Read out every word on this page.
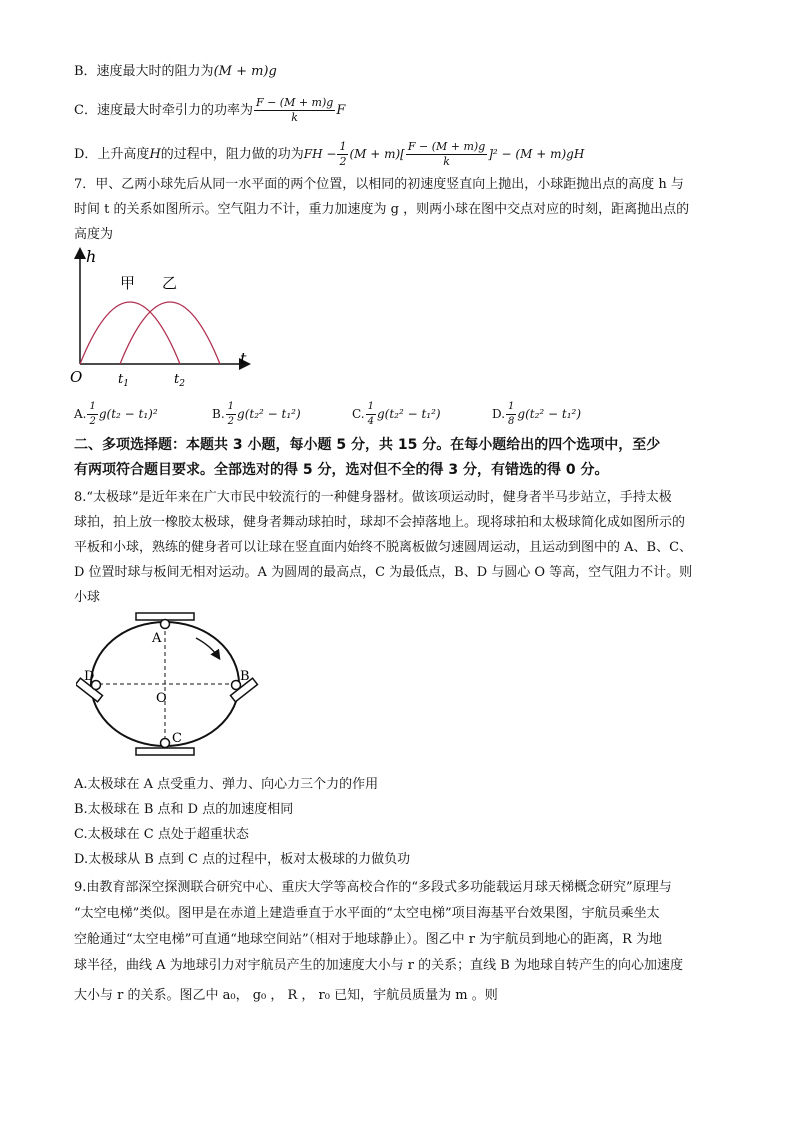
B．速度最大时的阻力为(M + m)g
C．速度最大时牵引力的功率为 $\frac{F - (M + m)g}{k}$ F
D．上升高度H的过程中，阻力做的功为FH − $\frac{1}{2} (M + m)[ \frac{F - (M + m)g}{k} ]^2 - (M + m)gH$
7．甲、乙两小球先后从同一水平面的两个位置，以相同的初速度竖直向上抛出，小球距抛出点的高度 h 与
时间 t 的关系如图所示。空气阻力不计，重力加速度为 g ，则两小球在图中交点对应的时刻，距离抛出点的
高度为
h
t
O
甲 乙
$t_1$	$t_2$
A. $\frac{1}{2} g(t_2 - t_1)^2$	B. $\frac{1}{2} g(t_2^2 - t_1^2)$	C. $\frac{1}{4} g(t_2^2 - t_1^2)$	D. $\frac{1}{8} g(t_2^2 - t_1^2)$
二、多项选择题：本题共 3 小题，每小题 5 分，共 15 分。在每小题给出的四个选项中，至少
有两项符合题目要求。全部选对的得 5 分，选对但不全的得 3 分，有错选的得 0 分。
8.“太极球”是近年来在广大市民中较流行的一种健身器材。做该项运动时，健身者半马步站立，手持太极
球拍，拍上放一橡胶太极球，健身者舞动球拍时，球却不会掉落地上。现将球拍和太极球简化成如图所示的
平板和小球，熟练的健身者可以让球在竖直面内始终不脱离板做匀速圆周运动，且运动到图中的 A、B、C、
D 位置时球与板间无相对运动。A 为圆周的最高点，C 为最低点，B、D 与圆心 O 等高，空气阻力不计。则
小球
A
B
C
D
O
A.太极球在 A 点受重力、弹力、向心力三个力的作用
B.太极球在 B 点和 D 点的加速度相同
C.太极球在 C 点处于超重状态
D.太极球从 B 点到 C 点的过程中，板对太极球的力做负功
9.由教育部深空探测联合研究中心、重庆大学等高校合作的“多段式多功能载运月球天梯概念研究”原理与
“太空电梯”类似。图甲是在赤道上建造垂直于水平面的“太空电梯”项目海基平台效果图，宇航员乘坐太
空舱通过“太空电梯”可直通“地球空间站”（相对于地球静止）。图乙中 r 为宇航员到地心的距离，R 为地
球半径，曲线 A 为地球引力对宇航员产生的加速度大小与 r 的关系；直线 B 为地球自转产生的向心加速度
大小与 r 的关系。图乙中 a₀， g₀ ， R ， r₀ 已知，宇航员质量为 m 。则
